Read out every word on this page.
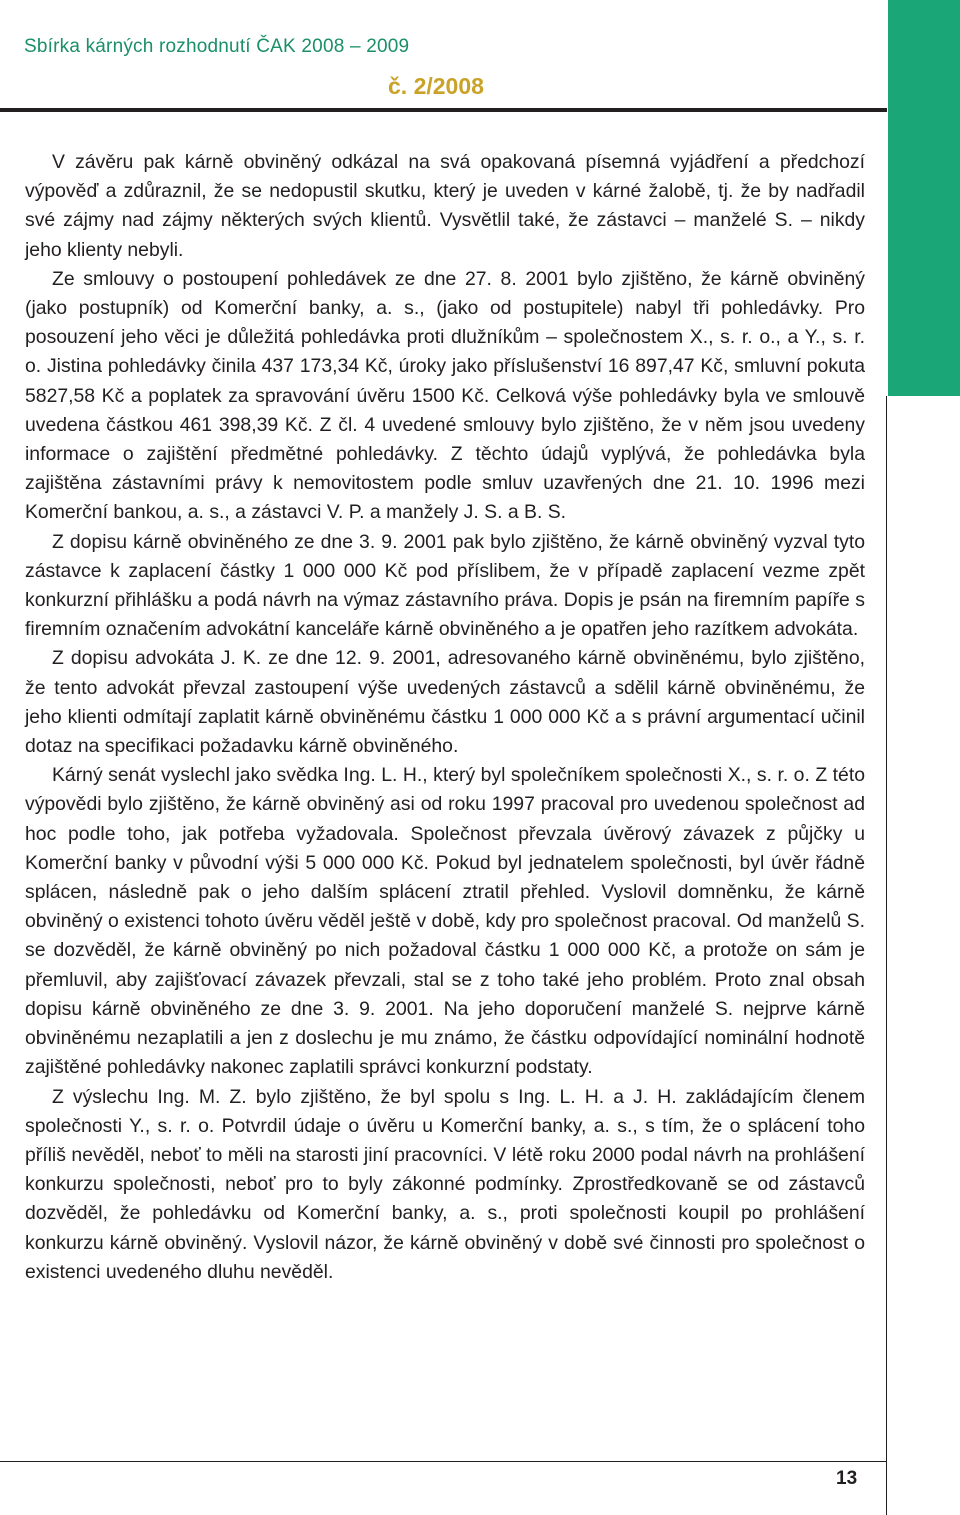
Sbírka kárných rozhodnutí ČAK 2008 – 2009
č. 2/2008

V závěru pak kárně obviněný odkázal na svá opakovaná písemná vyjádření a předchozí výpověď a zdůraznil, že se nedopustil skutku, který je uveden v kárné žalobě, tj. že by nadřadil své zájmy nad zájmy některých svých klientů. Vysvětlil také, že zástavci – manželé S. – nikdy jeho klienty nebyli.

Ze smlouvy o postoupení pohledávek ze dne 27. 8. 2001 bylo zjištěno, že kárně obviněný (jako postupník) od Komerční banky, a. s., (jako od postupitele) nabyl tři pohledávky. Pro posouzení jeho věci je důležitá pohledávka proti dlužníkům – společnostem X., s. r. o., a Y., s. r. o. Jistina pohledávky činila 437 173,34 Kč, úroky jako příslušenství 16 897,47 Kč, smluvní pokuta 5827,58 Kč a poplatek za spravování úvěru 1500 Kč. Celková výše pohledávky byla ve smlouvě uvedena částkou 461 398,39 Kč. Z čl. 4 uvedené smlouvy bylo zjištěno, že v něm jsou uvedeny informace o zajištění předmětné pohledávky. Z těchto údajů vyplývá, že pohledávka byla zajištěna zástavními právy k nemovitostem podle smluv uzavřených dne 21. 10. 1996 mezi Komerční bankou, a. s., a zástavci V. P. a manžely J. S. a B. S.

Z dopisu kárně obviněného ze dne 3. 9. 2001 pak bylo zjištěno, že kárně obviněný vyzval tyto zástavce k zaplacení částky 1 000 000 Kč pod příslibem, že v případě zaplacení vezme zpět konkurzní přihlášku a podá návrh na výmaz zástavního práva. Dopis je psán na firemním papíře s firemním označením advokátní kanceláře kárně obviněného a je opatřen jeho razítkem advokáta.

Z dopisu advokáta J. K. ze dne 12. 9. 2001, adresovaného kárně obviněnému, bylo zjištěno, že tento advokát převzal zastoupení výše uvedených zástavců a sdělil kárně obviněnému, že jeho klienti odmítají zaplatit kárně obviněnému částku 1 000 000 Kč a s právní argumentací učinil dotaz na specifikaci požadavku kárně obviněného.

Kárný senát vyslechl jako svědka Ing. L. H., který byl společníkem společnosti X., s. r. o. Z této výpovědi bylo zjištěno, že kárně obviněný asi od roku 1997 pracoval pro uvedenou společnost ad hoc podle toho, jak potřeba vyžadovala. Společnost převzala úvěrový závazek z půjčky u Komerční banky v původní výši 5 000 000 Kč. Pokud byl jednatelem společnosti, byl úvěr řádně splácen, následně pak o jeho dalším splácení ztratil přehled. Vyslovil domněnku, že kárně obviněný o existenci tohoto úvěru věděl ještě v době, kdy pro společnost pracoval. Od manželů S. se dozvěděl, že kárně obviněný po nich požadoval částku 1 000 000 Kč, a protože on sám je přemluvil, aby zajišťovací závazek převzali, stal se z toho také jeho problém. Proto znal obsah dopisu kárně obviněného ze dne 3. 9. 2001. Na jeho doporučení manželé S. nejprve kárně obviněnému nezaplatili a jen z doslechu je mu známo, že částku odpovídající nominální hodnotě zajištěné pohledávky nakonec zaplatili správci konkurzní podstaty.

Z výslechu Ing. M. Z. bylo zjištěno, že byl spolu s Ing. L. H. a J. H. zakládajícím členem společnosti Y., s. r. o. Potvrdil údaje o úvěru u Komerční banky, a. s., s tím, že o splácení toho příliš nevěděl, neboť to měli na starosti jiní pracovníci. V létě roku 2000 podal návrh na prohlášení konkurzu společnosti, neboť pro to byly zákonné podmínky. Zprostředkovaně se od zástavců dozvěděl, že pohledávku od Komerční banky, a. s., proti společnosti koupil po prohlášení konkurzu kárně obviněný. Vyslovil názor, že kárně obviněný v době své činnosti pro společnost o existenci uvedeného dluhu nevěděl.

13
